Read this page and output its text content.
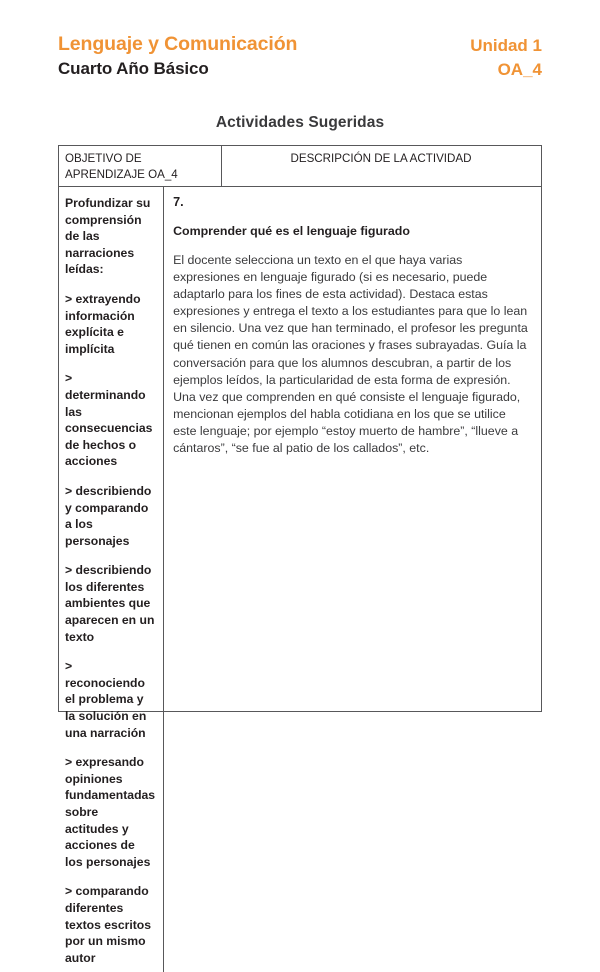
Lenguaje y Comunicación
Cuarto Año Básico
Unidad 1
OA_4
Actividades Sugeridas
OBJETIVO DE APRENDIZAJE OA_4
DESCRIPCIÓN DE LA ACTIVIDAD

Profundizar su comprensión de las narraciones leídas:

> extrayendo información explícita e implícita

> determinando las consecuencias de hechos o acciones

> describiendo y comparando a los personajes

> describiendo los diferentes ambientes que aparecen en un texto

> reconociendo el problema y la solución en una narración

> expresando opiniones fundamentadas sobre actitudes y acciones de los personajes

> comparando diferentes textos escritos por un mismo autor

7.
Comprender qué es el lenguaje figurado
El docente selecciona un texto en el que haya varias expresiones en lenguaje figurado (si es necesario, puede adaptarlo para los fines de esta actividad). Destaca estas expresiones y entrega el texto a los estudiantes para que lo lean en silencio. Una vez que han terminado, el profesor les pregunta qué tienen en común las oraciones y frases subrayadas. Guía la conversación para que los alumnos descubran, a partir de los ejemplos leídos, la particularidad de esta forma de expresión. Una vez que comprenden en qué consiste el lenguaje figurado, mencionan ejemplos del habla cotidiana en los que se utilice este lenguaje; por ejemplo “estoy muerto de hambre”, “llueve a cántaros”, “se fue al patio de los callados”, etc.
